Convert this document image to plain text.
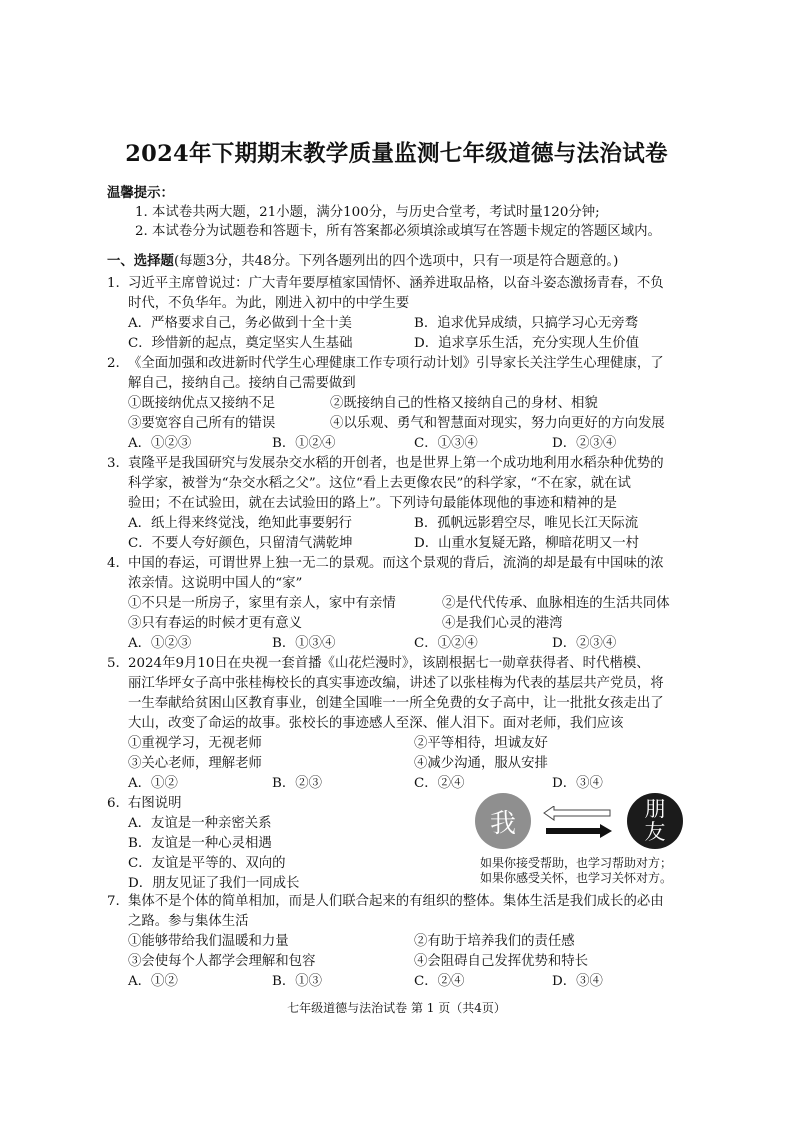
2024年下期期末教学质量监测七年级道德与法治试卷
温馨提示：
1. 本试卷共两大题，21小题，满分100分，与历史合堂考，考试时量120分钟;
2. 本试卷分为试题卷和答题卡，所有答案都必须填涂或填写在答题卡规定的答题区域内。
一、选择题(每题3分，共48分。下列各题列出的四个选项中，只有一项是符合题意的。)
1. 习近平主席曾说过：广大青年要厚植家国情怀、涵养进取品格，以奋斗姿态激扬青春，不负
时代，不负华年。为此，刚进入初中的中学生要
A．严格要求自己，务必做到十全十美	B．追求优异成绩，只搞学习心无旁骛
C．珍惜新的起点，奠定坚实人生基础	D．追求享乐生活，充分实现人生价值
2. 《全面加强和改进新时代学生心理健康工作专项行动计划》引导家长关注学生心理健康，了
解自己，接纳自己。接纳自己需要做到
①既接纳优点又接纳不足	②既接纳自己的性格又接纳自己的身材、相貌
③要宽容自己所有的错误	④以乐观、勇气和智慧面对现实，努力向更好的方向发展
A．①②③	B．①②④	C．①③④	D．②③④
3. 袁隆平是我国研究与发展杂交水稻的开创者，也是世界上第一个成功地利用水稻杂种优势的
科学家，被誉为“杂交水稻之父”。这位“看上去更像农民”的科学家，“不在家，就在试
验田；不在试验田，就在去试验田的路上”。下列诗句最能体现他的事迹和精神的是
A．纸上得来终觉浅，绝知此事要躬行	B．孤帆远影碧空尽，唯见长江天际流
C．不要人夸好颜色，只留清气满乾坤	D．山重水复疑无路，柳暗花明又一村
4. 中国的春运，可谓世界上独一无二的景观。而这个景观的背后，流淌的却是最有中国味的浓
浓亲情。这说明中国人的“家”
①不只是一所房子，家里有亲人，家中有亲情	②是代代传承、血脉相连的生活共同体
③只有春运的时候才更有意义	④是我们心灵的港湾
A．①②③	B．①③④	C．①②④	D．②③④
5. 2024年9月10日在央视一套首播《山花烂漫时》，该剧根据七一勋章获得者、时代楷模、
丽江华坪女子高中张桂梅校长的真实事迹改编，讲述了以张桂梅为代表的基层共产党员，将
一生奉献给贫困山区教育事业，创建全国唯一一所全免费的女子高中，让一批批女孩走出了
大山，改变了命运的故事。张校长的事迹感人至深、催人泪下。面对老师，我们应该
①重视学习，无视老师	②平等相待，坦诚友好
③关心老师，理解老师	④减少沟通，服从安排
A．①②	B．②③	C．②④	D．③④
6. 右图说明
A．友谊是一种亲密关系
B．友谊是一种心灵相遇
C．友谊是平等的、双向的
D．朋友见证了我们一同成长
我	朋
友
如果你接受帮助，也学习帮助对方；
如果你感受关怀，也学习关怀对方。
7. 集体不是个体的简单相加，而是人们联合起来的有组织的整体。集体生活是我们成长的必由
之路。参与集体生活
①能够带给我们温暖和力量	②有助于培养我们的责任感
③会使每个人都学会理解和包容	④会阻碍自己发挥优势和特长
A．①②	B．①③	C．②④	D．③④
七年级道德与法治试卷 第 1 页（共4页）
